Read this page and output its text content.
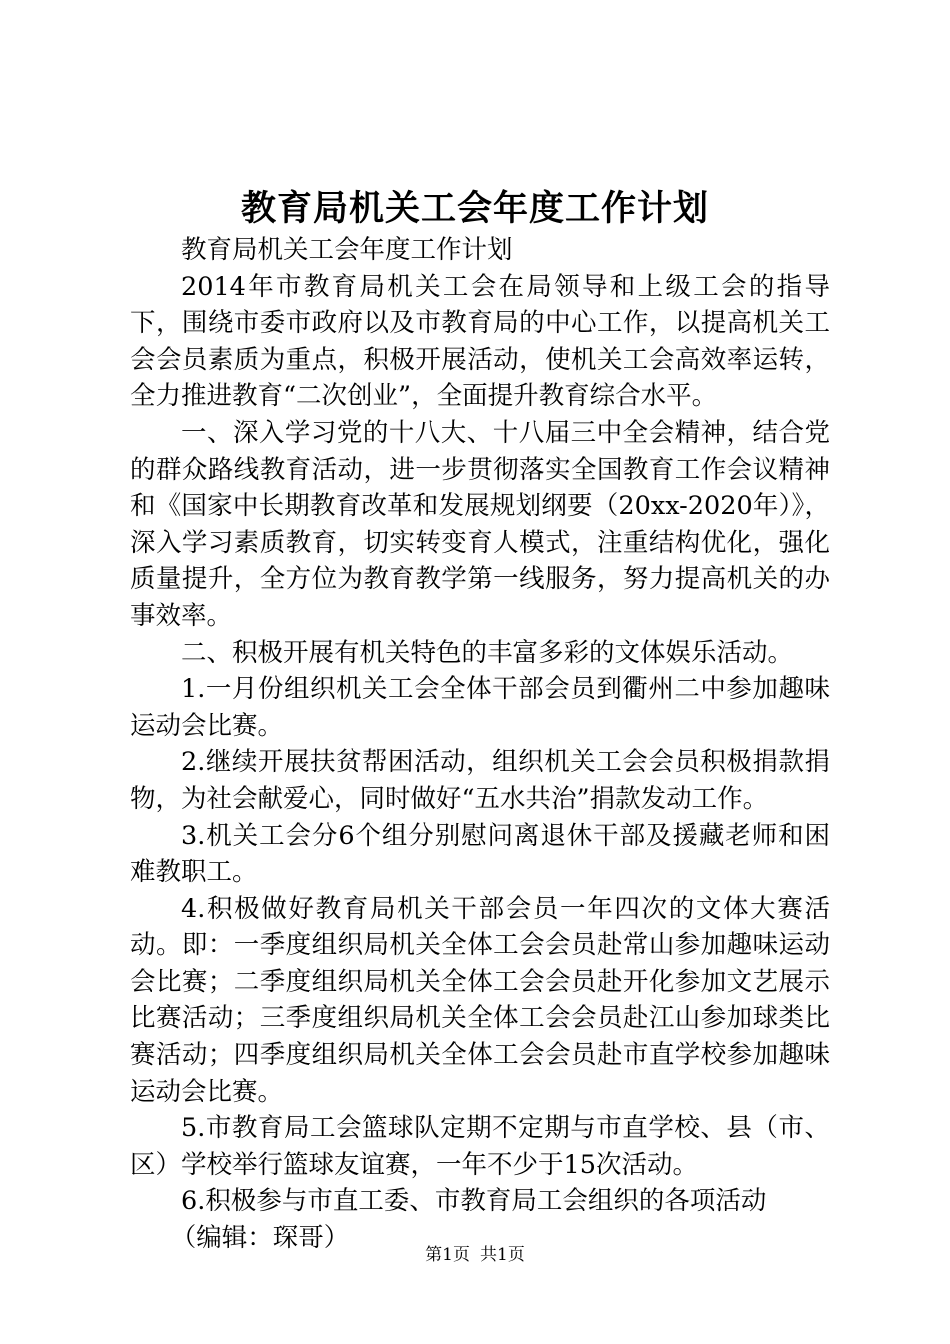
教育局机关工会年度工作计划

教育局机关工会年度工作计划

2014年市教育局机关工会在局领导和上级工会的指导下，围绕市委市政府以及市教育局的中心工作，以提高机关工会会员素质为重点，积极开展活动，使机关工会高效率运转，全力推进教育“二次创业”，全面提升教育综合水平。

一、深入学习党的十八大、十八届三中全会精神，结合党的群众路线教育活动，进一步贯彻落实全国教育工作会议精神和《国家中长期教育改革和发展规划纲要（20xx-2020年）》，深入学习素质教育，切实转变育人模式，注重结构优化，强化质量提升，全方位为教育教学第一线服务，努力提高机关的办事效率。

二、积极开展有机关特色的丰富多彩的文体娱乐活动。

1.一月份组织机关工会全体干部会员到衢州二中参加趣味运动会比赛。

2.继续开展扶贫帮困活动，组织机关工会会员积极捐款捐物，为社会献爱心，同时做好“五水共治”捐款发动工作。

3.机关工会分6个组分别慰问离退休干部及援藏老师和困难教职工。

4.积极做好教育局机关干部会员一年四次的文体大赛活动。即：一季度组织局机关全体工会会员赴常山参加趣味运动会比赛；二季度组织局机关全体工会会员赴开化参加文艺展示比赛活动；三季度组织局机关全体工会会员赴江山参加球类比赛活动；四季度组织局机关全体工会会员赴市直学校参加趣味运动会比赛。

5.市教育局工会篮球队定期不定期与市直学校、县（市、区）学校举行篮球友谊赛，一年不少于15次活动。

6.积极参与市直工委、市教育局工会组织的各项活动

（编辑：琛哥）

第1页 共1页
